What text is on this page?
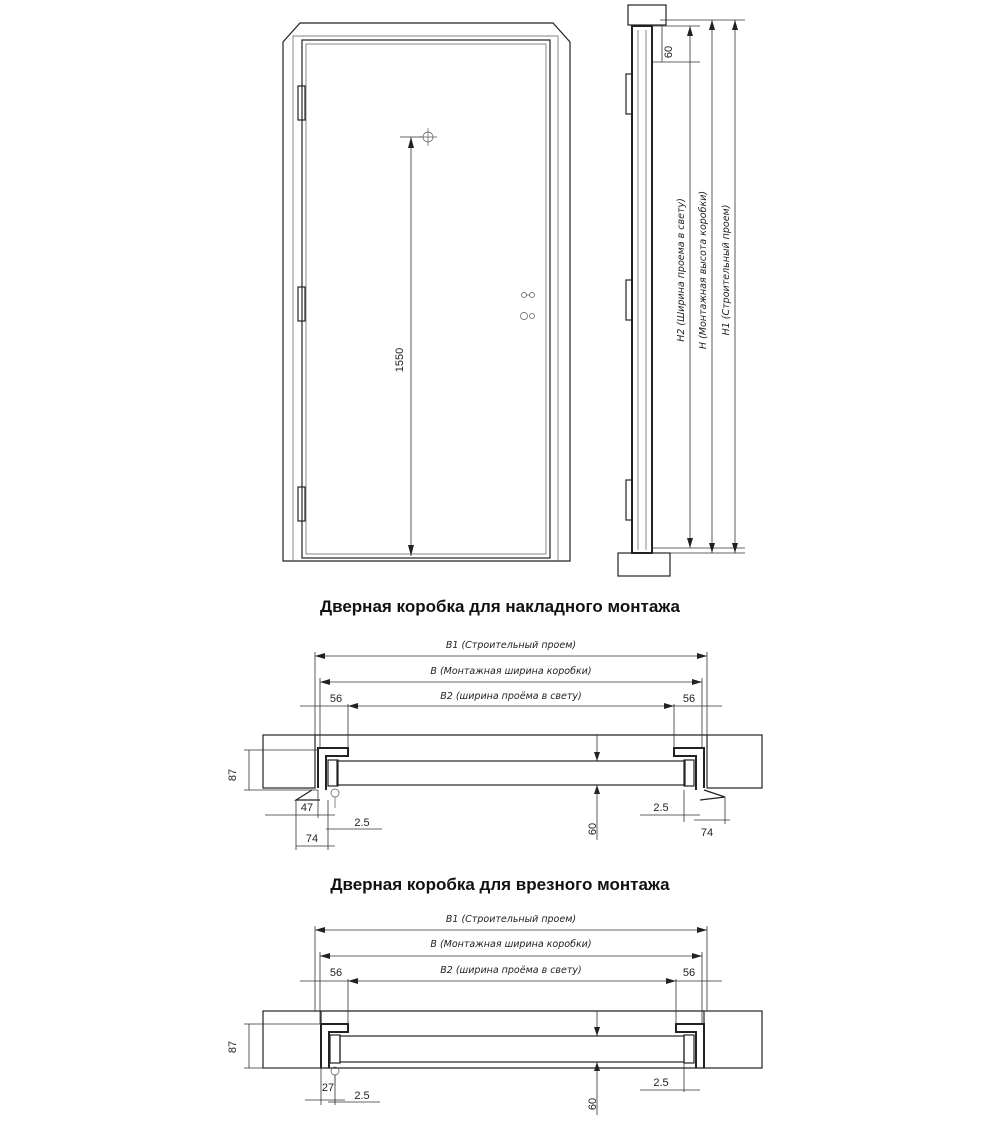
1550
60
H2 (Ширина проема в свету) H (Монтажная высота коробки) H1 (Строительный проем)
B1 (Строительный проем)
B (Монтажная ширина коробки)
B2 (ширина проёма в свету)
56	56
87
60
47
74
2.5
2.5
74
B1 (Строительный проем)
B (Монтажная ширина коробки)
B2 (ширина проёма в свету)
56	56
87
60
27
2.5
2.5
Дверная коробка для накладного монтажа
Дверная коробка для врезного монтажа
